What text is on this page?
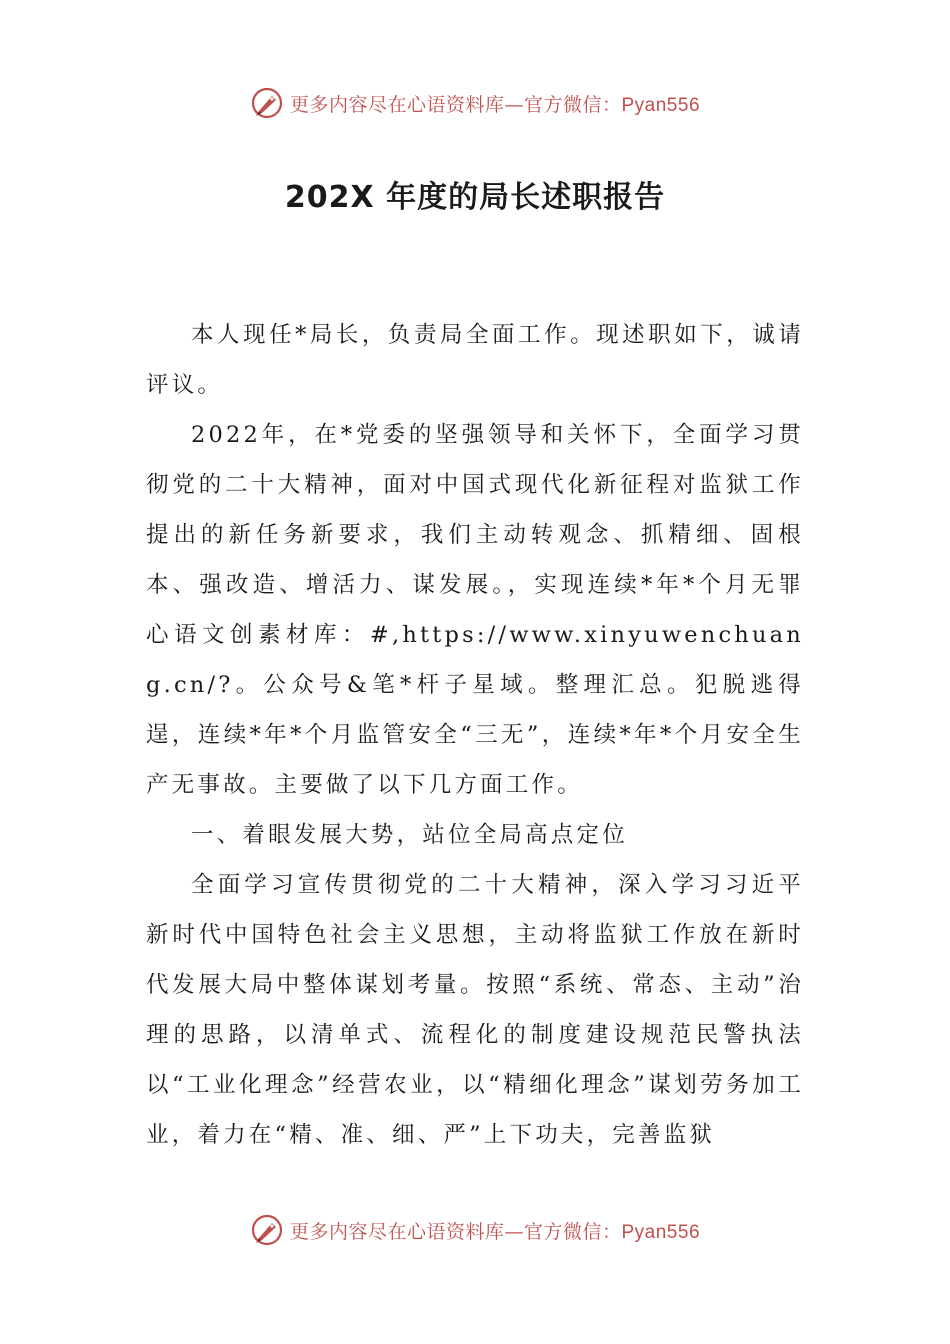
更多内容尽在心语资料库—官方微信：Pyan556
202X 年度的局长述职报告

本人现任*局长，负责局全面工作。现述职如下，诚请评议。

2022年，在*党委的坚强领导和关怀下，全面学习贯彻党的二十大精神，面对中国式现代化新征程对监狱工作提出的新任务新要求，我们主动转观念、抓精细、固根本、强改造、增活力、谋发展。，实现连续*年*个月无罪心语文创素材库：#,https://www.xinyuwenchuang.cn/?。公众号&笔*杆子星域。整理汇总。犯脱逃得逞，连续*年*个月监管安全“三无”，连续*年*个月安全生产无事故。主要做了以下几方面工作。

一、着眼发展大势，站位全局高点定位

全面学习宣传贯彻党的二十大精神，深入学习习近平新时代中国特色社会主义思想，主动将监狱工作放在新时代发展大局中整体谋划考量。按照“系统、常态、主动”治理的思路，以清单式、流程化的制度建设规范民警执法以“工业化理念”经营农业，以“精细化理念”谋划劳务加工业，着力在“精、准、细、严”上下功夫，完善监狱

更多内容尽在心语资料库—官方微信：Pyan556
